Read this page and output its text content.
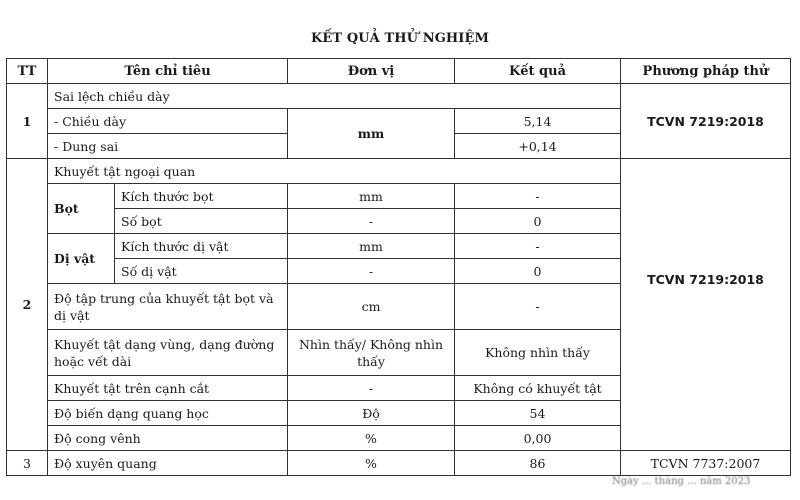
KẾT QUẢ THỬ NGHIỆM
TT	Tên chỉ tiêu		Đơn vị	Kết quả	Phương pháp thử
1	Sai lệch chiều dày				TCVN 7219:2018
	- Chiều dày		mm	5,14	
	- Dung sai			+0,14	
2	Khuyết tật ngoại quan				TCVN 7219:2018
	Bọt	Kích thước bọt	mm	-	
		Số bọt	-	0	
	Dị vật	Kích thước dị vật	mm	-	
		Số dị vật	-	0	
	Độ tập trung của khuyết tật bọt và dị vật		cm	-	
	Khuyết tật dạng vùng, dạng đường hoặc vết dài		Nhìn thấy/ Không nhìn thấy	Không nhìn thấy	
	Khuyết tật trên cạnh cắt		-	Không có khuyết tật	
	Độ biến dạng quang học		Độ	54	
	Độ cong vênh		%	0,00	

3	Độ xuyên quang		%	86	TCVN 7737:2007
Ngày ... tháng ... năm 2023
